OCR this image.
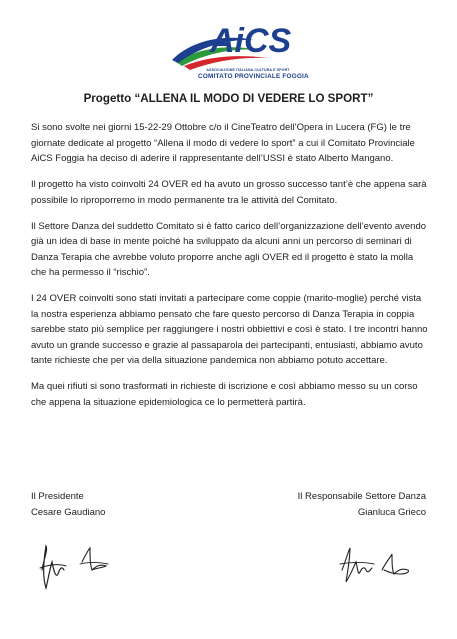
AiCS
ASSOCIAZIONE ITALIANA CULTURA E SPORT
COMITATO PROVINCIALE FOGGIA
Progetto “ALLENA IL MODO DI VEDERE LO SPORT”

Si sono svolte nei giorni 15-22-29 Ottobre c/o il CineTeatro dell’Opera in Lucera (FG) le tre giornate dedicate al progetto “Allena il modo di vedere lo sport” a cui il Comitato Provinciale AiCS Foggia ha deciso di aderire il rappresentante dell’USSI è stato Alberto Mangano.

Il progetto ha visto coinvolti 24 OVER ed ha avuto un grosso successo tant’è che appena sarà possibile lo riproporremo in modo permanente tra le attività del Comitato.

Il Settore Danza del suddetto Comitato si è fatto carico dell’organizzazione dell’evento avendo già un idea di base in mente poiché ha sviluppato da alcuni anni un percorso di seminari di Danza Terapia che avrebbe voluto proporre anche agli OVER ed il progetto è stato la molla che ha permesso il “rischio”.

I 24 OVER coinvolti sono stati invitati a partecipare come coppie (marito-moglie) perché vista la nostra esperienza abbiamo pensato che fare questo percorso di Danza Terapia in coppia sarebbe stato più semplice per raggiungere i nostri obbiettivi e così è stato. I tre incontri hanno avuto un grande successo e grazie al passaparola dei partecipanti, entusiasti, abbiamo avuto tante richieste che per via della situazione pandemica non abbiamo potuto accettare.

Ma quei rifiuti si sono trasformati in richieste di iscrizione e così abbiamo messo su un corso che appena la situazione epidemiologica ce lo permetterà partirà.

Il Presidente
Cesare Gaudiano
Il Responsabile Settore Danza
Gianluca Grieco
